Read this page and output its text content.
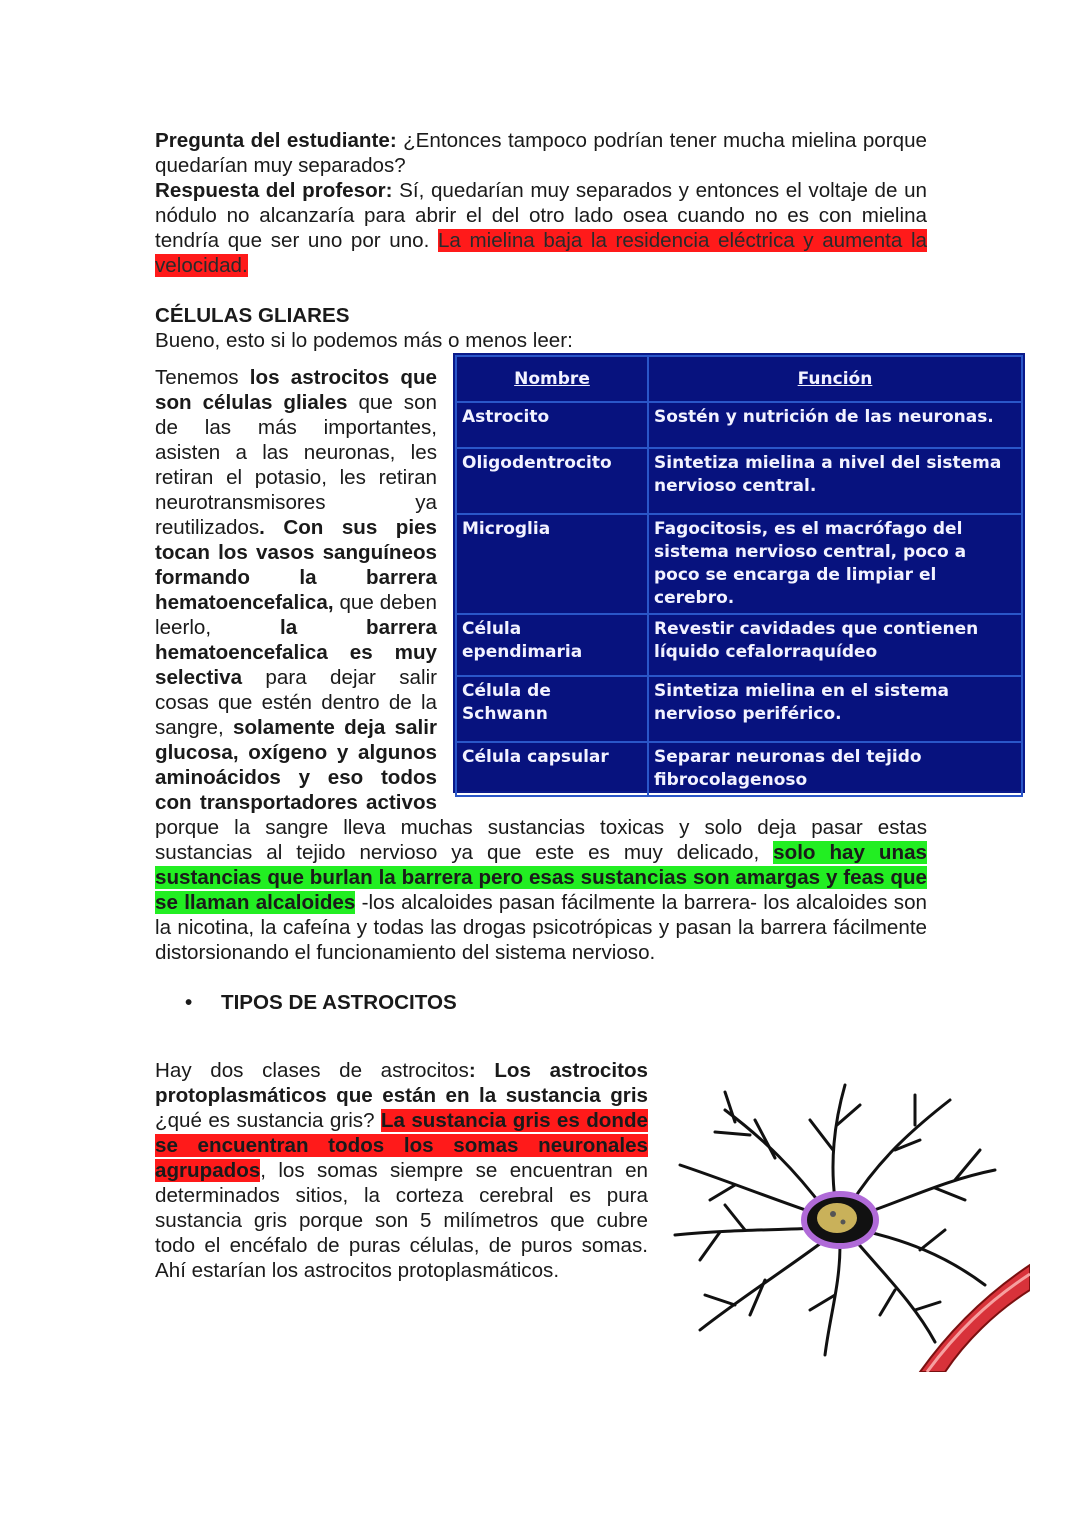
Pregunta del estudiante: ¿Entonces tampoco podrían tener mucha mielina porque quedarían muy separados?
Respuesta del profesor: Sí, quedarían muy separados y entonces el voltaje de un nódulo no alcanzaría para abrir el del otro lado osea cuando no es con mielina tendría que ser uno por uno. La mielina baja la residencia eléctrica y aumenta la velocidad.

CÉLULAS GLIARES

Bueno, esto si lo podemos más o menos leer:

Nombre	Función
Astrocito	Sostén y nutrición de las neuronas.
Oligodentrocito	Sintetiza mielina a nivel del sistema nervioso central.
Microglia	Fagocitosis, es el macrófago del sistema nervioso central, poco a poco se encarga de limpiar el cerebro.
Célula ependimaria	Revestir cavidades que contienen líquido cefalorraquídeo
Célula de Schwann	Sintetiza mielina en el sistema nervioso periférico.
Célula capsular	Separar neuronas del tejido fibrocolagenoso

Tenemos los astrocitos que son células gliales que son de las más importantes, asisten a las neuronas, les retiran el potasio, les retiran neurotransmisores ya reutilizados. Con sus pies tocan los vasos sanguíneos formando la barrera hematoencefalica, que deben leerlo, la barrera hematoencefalica es muy selectiva para dejar salir cosas que estén dentro de la sangre, solamente deja salir glucosa, oxígeno y algunos aminoácidos y eso todos con transportadores activos porque la sangre lleva muchas sustancias toxicas y solo deja pasar estas sustancias al tejido nervioso ya que este es muy delicado, solo hay unas sustancias que burlan la barrera pero esas sustancias son amargas y feas que se llaman alcaloides -los alcaloides pasan fácilmente la barrera- los alcaloides son la nicotina, la cafeína y todas las drogas psicotrópicas y pasan la barrera fácilmente distorsionando el funcionamiento del sistema nervioso.

• TIPOS DE ASTROCITOS

Hay dos clases de astrocitos: Los astrocitos protoplasmáticos que están en la sustancia gris ¿qué es sustancia gris? La sustancia gris es donde se encuentran todos los somas neuronales agrupados, los somas siempre se encuentran en determinados sitios, la corteza cerebral es pura sustancia gris porque son 5 milímetros que cubre todo el encéfalo de puras células, de puros somas. Ahí estarían los astrocitos protoplasmáticos.
